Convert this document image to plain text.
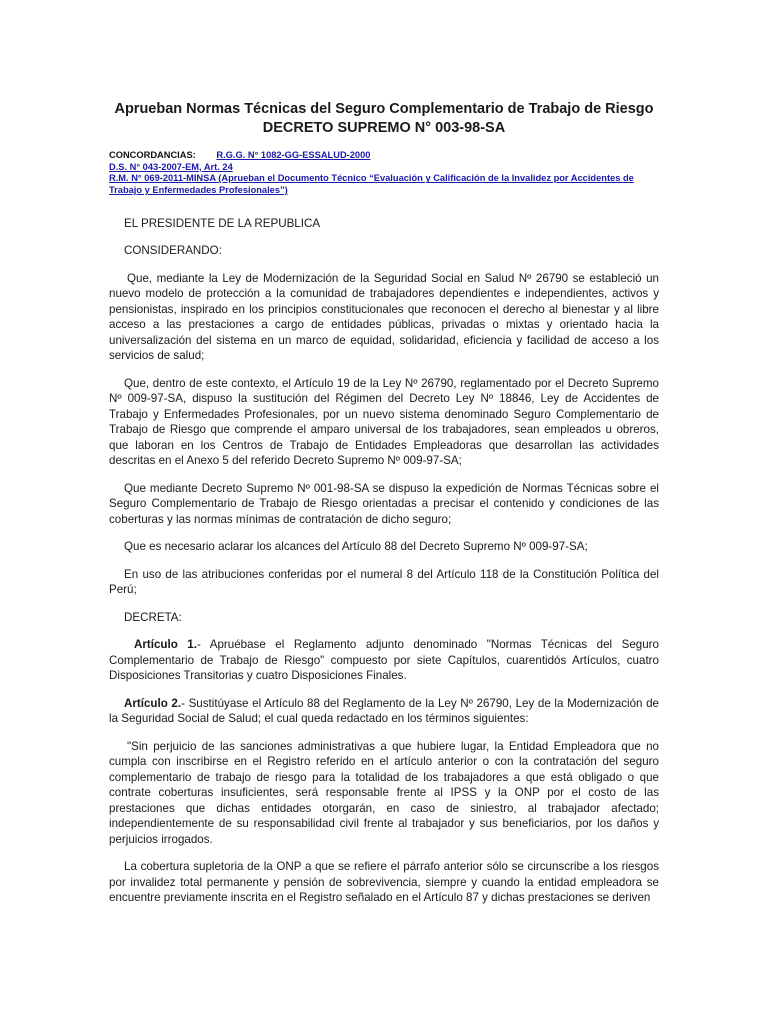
Aprueban Normas Técnicas del Seguro Complementario de Trabajo de Riesgo
DECRETO SUPREMO N° 003-98-SA
CONCORDANCIAS: R.G.G. N° 1082-GG-ESSALUD-2000
D.S. N° 043-2007-EM, Art. 24
R.M. N° 069-2011-MINSA (Aprueban el Documento Técnico “Evaluación y Calificación de la Invalidez por Accidentes de Trabajo y Enfermedades Profesionales”)

EL PRESIDENTE DE LA REPUBLICA

CONSIDERANDO:

Que, mediante la Ley de Modernización de la Seguridad Social en Salud Nº 26790 se estableció un nuevo modelo de protección a la comunidad de trabajadores dependientes e independientes, activos y pensionistas, inspirado en los principios constitucionales que reconocen el derecho al bienestar y al libre acceso a las prestaciones a cargo de entidades públicas, privadas o mixtas y orientado hacia la universalización del sistema en un marco de equidad, solidaridad, eficiencia y facilidad de acceso a los servicios de salud;

Que, dentro de este contexto, el Artículo 19 de la Ley Nº 26790, reglamentado por el Decreto Supremo Nº 009-97-SA, dispuso la sustitución del Régimen del Decreto Ley Nº 18846, Ley de Accidentes de Trabajo y Enfermedades Profesionales, por un nuevo sistema denominado Seguro Complementario de Trabajo de Riesgo que comprende el amparo universal de los trabajadores, sean empleados u obreros, que laboran en los Centros de Trabajo de Entidades Empleadoras que desarrollan las actividades descritas en el Anexo 5 del referido Decreto Supremo Nº 009-97-SA;

Que mediante Decreto Supremo Nº 001-98-SA se dispuso la expedición de Normas Técnicas sobre el Seguro Complementario de Trabajo de Riesgo orientadas a precisar el contenido y condiciones de las coberturas y las normas mínimas de contratación de dicho seguro;

Que es necesario aclarar los alcances del Artículo 88 del Decreto Supremo Nº 009-97-SA;

En uso de las atribuciones conferidas por el numeral 8 del Artículo 118 de la Constitución Política del Perú;

DECRETA:

Artículo 1.- Apruébase el Reglamento adjunto denominado "Normas Técnicas del Seguro Complementario de Trabajo de Riesgo" compuesto por siete Capítulos, cuarentidós Artículos, cuatro Disposiciones Transitorias y cuatro Disposiciones Finales.

Artículo 2.- Sustitúyase el Artículo 88 del Reglamento de la Ley Nº 26790, Ley de la Modernización de la Seguridad Social de Salud; el cual queda redactado en los términos siguientes:

"Sin perjuicio de las sanciones administrativas a que hubiere lugar, la Entidad Empleadora que no cumpla con inscribirse en el Registro referido en el artículo anterior o con la contratación del seguro complementario de trabajo de riesgo para la totalidad de los trabajadores a que está obligado o que contrate coberturas insuficientes, será responsable frente al IPSS y la ONP por el costo de las prestaciones que dichas entidades otorgarán, en caso de siniestro, al trabajador afectado; independientemente de su responsabilidad civil frente al trabajador y sus beneficiarios, por los daños y perjuicios irrogados.

La cobertura supletoria de la ONP a que se refiere el párrafo anterior sólo se circunscribe a los riesgos por invalidez total permanente y pensión de sobrevivencia, siempre y cuando la entidad empleadora se encuentre previamente inscrita en el Registro señalado en el Artículo 87 y dichas prestaciones se deriven
